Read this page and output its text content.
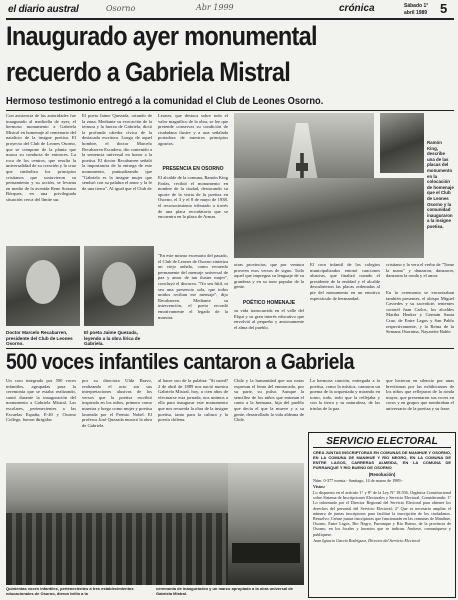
el diario austral	Osorno	Abr 1999	crónica	Sábado 1°
abril 1989 5
Inaugurado ayer monumental
recuerdo a Gabriela Mistral
Hermoso testimonio entregó a la comunidad el Club de Leones Osorno.
Con asistencia de las autoridades fue inaugurado al mediodía de ayer, el hermoso monumento a Gabriela Mistral en homenaje al centenario del natalicio de la insigne poetisa. El proyecto del Club de Leones Osorno, que se compone de la planta que marca su conducta de entonces. La roca de los centros, que resulta la universalidad de su creación y la cruz que simboliza los principios cristianos que sostuvieron su pensamiento y su acción, se levanta en medio de la avenida Rene Soriano Bórquez, en una privilegiada situación cerca del límite sur.
El poeta Jaime Quezada, oriundo de la zona, Mediante su evocación de la ternura y la fuerza de Gabriela, dictó la profunda cátedra cívica de la destacada escritora. Luego de aquel hombre, el doctor Marcelo Recabarren Escudero, dio contenido a la sentencia universal en honor a la poetisa. El doctor Recabarren señaló la importancia de la entrega de este monumento, puntualizando que "Gabriela es la insigne mujer que sembró con su palabra el amor y la fe de una tierra". Al igual que el Club de
Leones, que destaca sobre todo el valor magnífico de la obra, se lee que pretende conservar su condición de ciudadana ilustre y a una señalada portadora de nuestros principios agrarios.
PRESENCIA EN OSORNO
El alcalde de la comuna, Ramón King Farías, recibió el monumento en nombre de la ciudad, destacando su aporte de la visita de la poetisa en Osorno, el 3 y el 8 de mayo de 1938, el reconocimiento tributado a través de una placa recordatoria que se encuentra en la plaza de Armas.
Ramón King, describe una de las placas del monumento en la colocación de homenaje que el Club de Leones Osorno y la comunidad inauguraron a la insigne poetisa.
Doctor Marcelo Recabarren, presidente del Club de Leones Osorno.
El poeta Jaime Quezada, leyendo a la obra lírica de Gabriela.
"En este mismo escenario del pasado, el Club de Leones de Osorno sintetiza un viejo anhelo, como recuerdo permanente del mensaje universal de paz y amor de tan ilustre mujer", concluyó el discurso. "No sea fútil, ni sea una presencia sola, que todos unidos reciban ese mensaje", dijo Recabarren. Mediante su intervención, el poeta recordó emotivamente el legado de la maestra.
otras provincias, que por ventura proveen esos versos de signo. Todo aquel que impregna su lenguaje de su grandeza y en su tono popular de la gente.
POÉTICO HOMENAJE
su vida transcurrida en el valle del Elqui y su gran interés educativo que envolvió al pequeño y ansiosamente el alma del pueblo.
El coro infantil de los colegios municipalizados entonó canciones alusivas, que finalizó cuando el presidente de la entidad y el alcalde descubrieron las placas ordenadas al pie del monumento en un emotivo espectáculo de hermandad.
cristiano y la vera el verbo de "Tome la mano" y danzaron, danzaron, danzaron la ronda y el amor.
En la ceremonia se encontraban también presentes, el obispo Miguel Caviedes y su sacerdote, tenientes coronel Juan Carlos, los alcaldes Martha Henker y Germán Santa Cruz, de Entre Lagos y San Pablo respectivamente, y la Reina de la Semana Osornina, Nayarette Bahle.
500 voces infantiles cantaron a Gabriela
Un coro integrado por 500 voces infantiles, agrupadas para la ceremonia que se estaba realizando, cantó durante la inauguración del monumento a Gabriela Mistral. Las escolares, pertenecientes a las Escuelas España, E-40 y Osorno College, fueron dirigidas
por su directora Ulda Bravo, realizando el acto sin sus interpretaciones alusivas de los versos que la poetisa escribió inspirada en los niños, primero como maestra y luego como mujer y poetisa laureada por el Premio Nobel. El profesor José Quezada musicó la obra de Gabriela.
al hacer uso de la palabra: "Si usted? 2 de abril de 1889 nos nació nuestra Gabriela Mistral, hoy, a cien años de efectuarse esta jornada, nos unimos a ella para inaugurar este monumento que nos recuerda la obra de la insigne poetisa, tanto para la cultura y la poesía chilena.
Chile y la humanidad que sus notas expresan el lema del enmarcado, por su parte, su pulso. Aunque la sencillez de los niños que entonan el canto a la hermana, hija del pueblo que decía el que la mueve y a su gente, desarrollado la vida aldeana de Chile.
La hermosa canción, entregada a la poetisa, como la mística, cantaron un poema de la orquestada y mirando en torno, todo, todo que la reflejaba y con la tierra y su naturaleza, de las trinfas de la paz.
que hicieron en silencio por unas brevísimas por las exhibiciones de los niños que reflejaron de la ronda mayor, que presentaron sus voces en coros y en grupos que nombraban el aniversario de la poetisa y su frase.
Quinientas voces infantiles, pertenecientes a tres establecimientos educacionales de Osorno, dieron brillo a la
ceremonia de inauguración y un marco apropiado a la obra universal de Gabriela Mistral.
SERVICIO ELECTORAL
CREA JUNTAS INSCRIPTORAS EN COMUNAS DE MANIHUE Y OSORNO, EN LA COMUNA DE MANIHUE Y RÍO NEGRO, EN LA COMUNA DE ENTRE LAGOS, CARRERAS ALMEIDA, EN LA COMUNA DE PURRANQUE Y RÍO BUENO DE OSORNO
(Resolución)
Núm. 0-377 exenta.- Santiago, 14 de marzo de 1989.-
Vistos:
Lo dispuesto en el artículo 1° y 8° de la Ley N° 18.556, Orgánica Constitucional sobre Sistema de Inscripciones Electorales y Servicio Electoral, Considerando: 1° Lo informado por el Director Regional del Servicio Electoral para obtener los derechos del personal del Servicio Electoral; 2° Que es necesario ampliar el número de juntas inscriptoras para facilitar la inscripción de los ciudadanos. Resuelvo: Créase juntas inscriptoras que funcionarán en las comunas de Manihue, Osorno, Entre Lagos, Río Negro, Purranque y Río Bueno, de la provincia de Osorno, en los locales y horarios que se indican. Anótese, comuníquese y publíquese.
Juan Ignacio García Rodríguez, Director del Servicio Electoral
